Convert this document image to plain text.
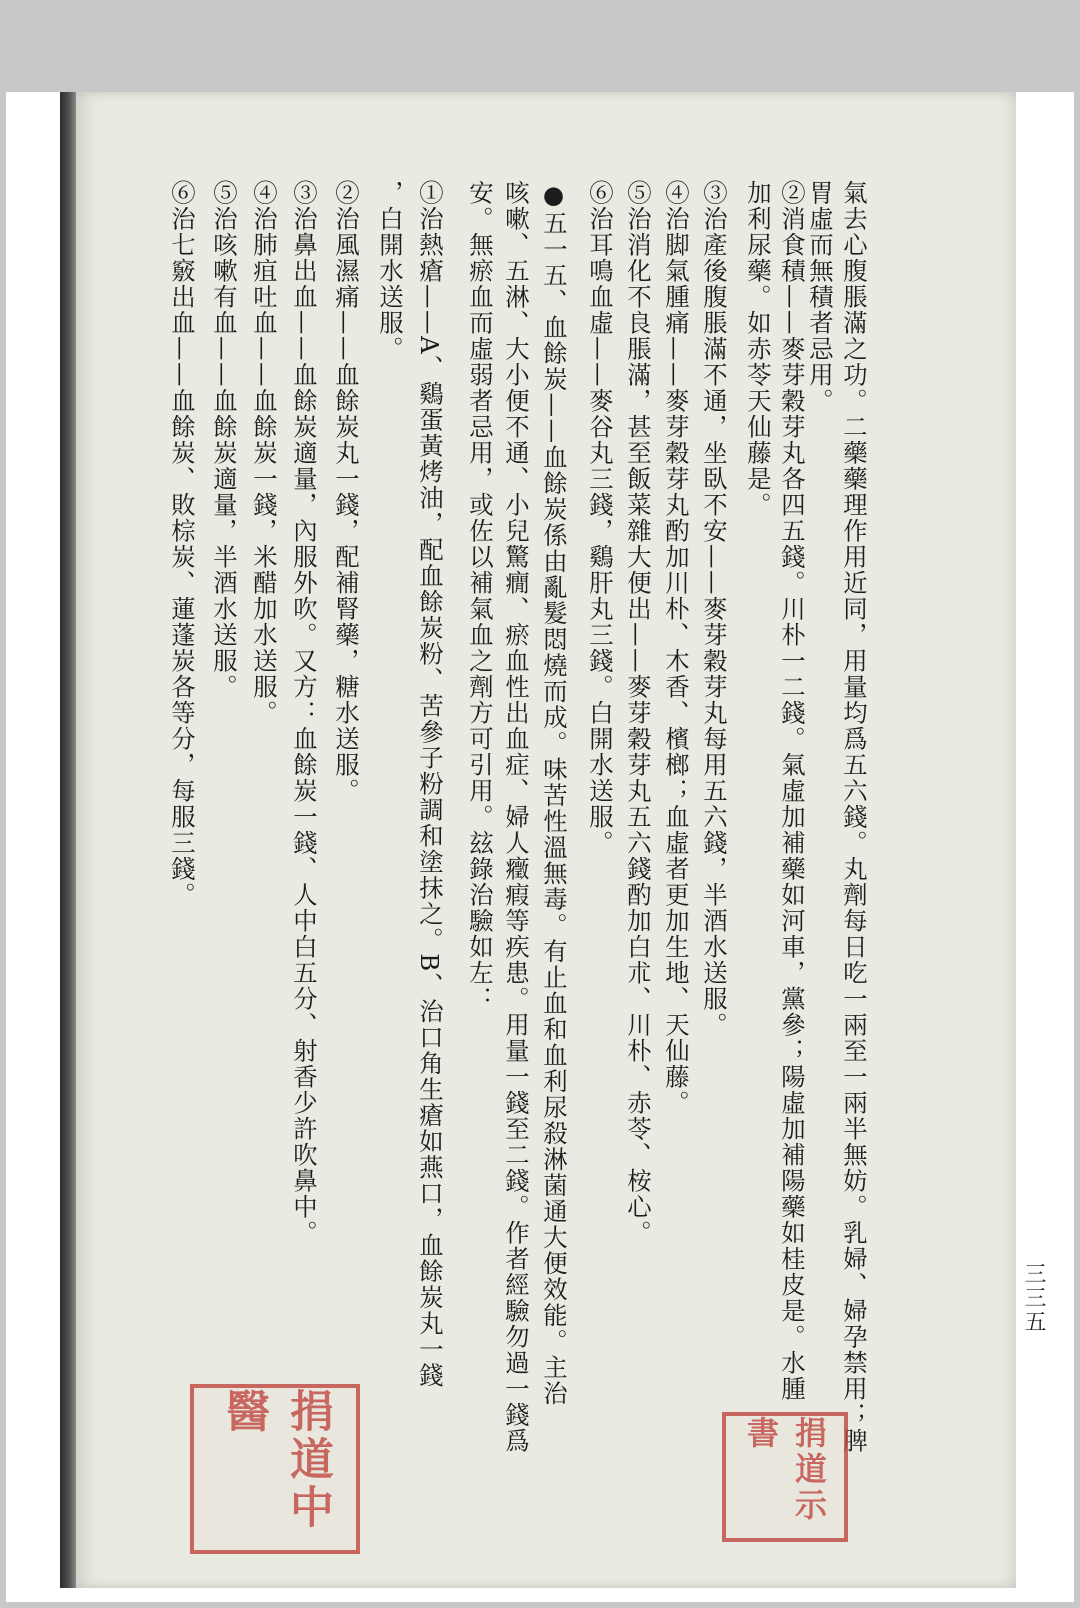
三三五
氣去心腹脹滿之功。二藥藥理作用近同，用量均爲五六錢。丸劑每日吃一兩至一兩半無妨。乳婦、婦孕禁用；脾
胃虛而無積者忌用。
②消食積——麥芽穀芽丸各四五錢。川朴一二錢。氣虛加補藥如河車，黨參；陽虛加補陽藥如桂皮是。水腫
加利尿藥。如赤苓天仙藤是。
③治產後腹脹滿不通，坐臥不安——麥芽穀芽丸每用五六錢，半酒水送服。
④治脚氣腫痛——麥芽穀芽丸酌加川朴、木香、檳榔；血虛者更加生地、天仙藤。
⑤治消化不良脹滿，甚至飯菜雜大便出——麥芽穀芽丸五六錢酌加白朮、川朴、赤苓、桉心。
⑥治耳鳴血虛——麥谷丸三錢，鷄肝丸三錢。白開水送服。
●五一五、血餘炭——血餘炭係由亂髮悶燒而成。味苦性溫無毒。有止血和血利尿殺淋菌通大便效能。主治
咳嗽、五淋、大小便不通、小兒驚癇、瘀血性出血症、婦人癥瘕等疾患。用量一錢至二錢。作者經驗勿過一錢爲
安。無瘀血而虛弱者忌用，或佐以補氣血之劑方可引用。玆錄治驗如左：
①治熱瘡——A、鷄蛋黃烤油，配血餘炭粉、苦參子粉調和塗抹之。B、治口角生瘡如燕口，血餘炭丸一錢
，白開水送服。
②治風濕痛——血餘炭丸一錢，配補腎藥，糖水送服。
③治鼻出血——血餘炭適量，內服外吹。又方：血餘炭一錢、人中白五分、射香少許吹鼻中。
④治肺疽吐血——血餘炭一錢，米醋加水送服。
⑤治咳嗽有血——血餘炭適量，半酒水送服。
⑥治七竅出血——血餘炭、敗棕炭、蓮蓬炭各等分，每服三錢。
捐道中醫
捐道示書
